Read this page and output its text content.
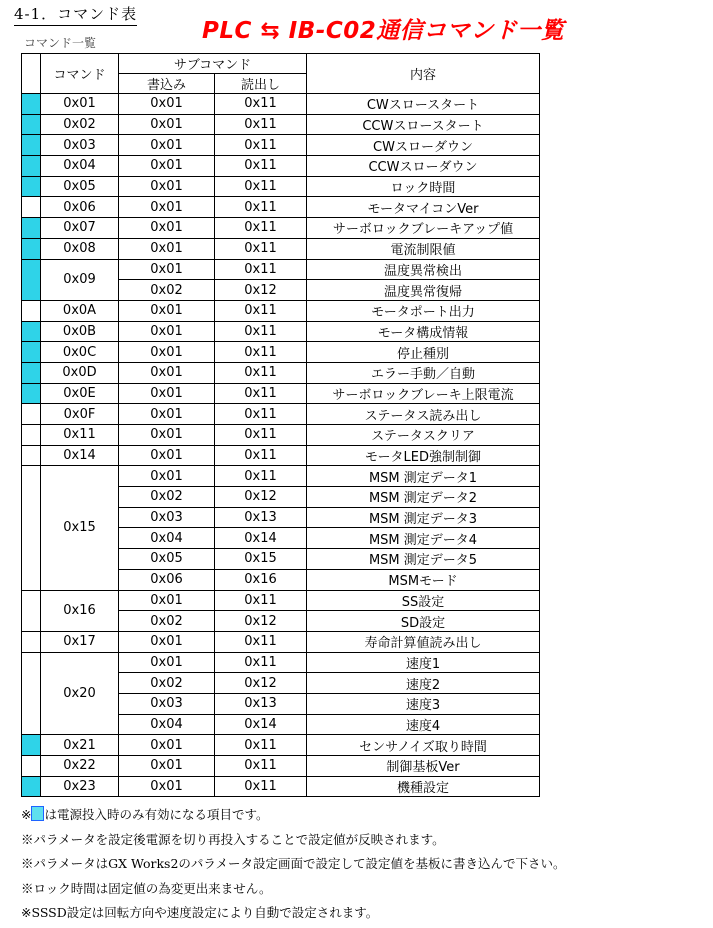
4-1．コマンド表
PLC ⇆ IB-C02通信コマンド一覧
コマンド一覧
	コマンド	サブコマンド		内容
		書込み	読出し	
	0x01	0x01	0x11	CWスロースタート
	0x02	0x01	0x11	CCWスロースタート
	0x03	0x01	0x11	CWスローダウン
	0x04	0x01	0x11	CCWスローダウン
	0x05	0x01	0x11	ロック時間
	0x06	0x01	0x11	モータマイコンVer
	0x07	0x01	0x11	サーボロックブレーキアップ値
	0x08	0x01	0x11	電流制限値
	0x09	0x01	0x11	温度異常検出
		0x02	0x12	温度異常復帰
	0x0A	0x01	0x11	モータポート出力
	0x0B	0x01	0x11	モータ構成情報
	0x0C	0x01	0x11	停止種別
	0x0D	0x01	0x11	エラー手動／自動
	0x0E	0x01	0x11	サーボロックブレーキ上限電流
	0x0F	0x01	0x11	ステータス読み出し
	0x11	0x01	0x11	ステータスクリア
	0x14	0x01	0x11	モータLED強制制御
	0x15	0x01	0x11	MSM 測定データ1
		0x02	0x12	MSM 測定データ2
		0x03	0x13	MSM 測定データ3
		0x04	0x14	MSM 測定データ4
		0x05	0x15	MSM 測定データ5
		0x06	0x16	MSMモード
	0x16	0x01	0x11	SS設定
		0x02	0x12	SD設定
	0x17	0x01	0x11	寿命計算値読み出し
	0x20	0x01	0x11	速度1
		0x02	0x12	速度2
		0x03	0x13	速度3
		0x04	0x14	速度4
	0x21	0x01	0x11	センサノイズ取り時間
	0x22	0x01	0x11	制御基板Ver
	0x23	0x01	0x11	機種設定
※ は電源投入時のみ有効になる項目です。
※パラメータを設定後電源を切り再投入することで設定値が反映されます。
※パラメータはGX Works2のパラメータ設定画面で設定して設定値を基板に書き込んで下さい。
※ロック時間は固定値の為変更出来ません。
※SSSD設定は回転方向や速度設定により自動で設定されます。
